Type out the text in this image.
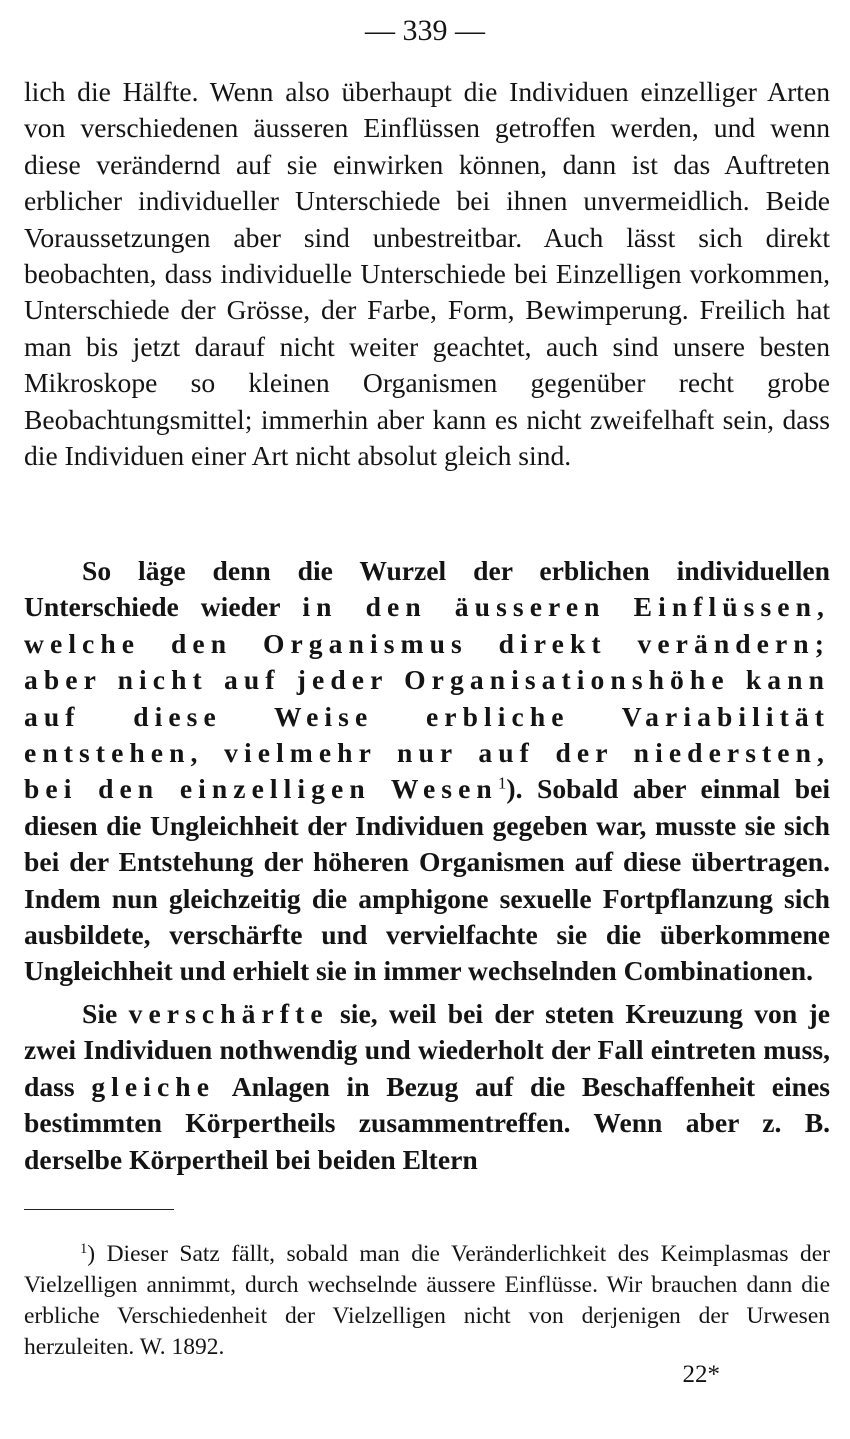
— 339 —
lich die Hälfte. Wenn also überhaupt die Individuen einzelliger Arten von verschiedenen äusseren Einflüssen getroffen werden, und wenn diese verändernd auf sie einwirken können, dann ist das Auftreten erblicher individueller Unterschiede bei ihnen unvermeidlich. Beide Voraussetzungen aber sind unbestreitbar. Auch lässt sich direkt beobachten, dass individuelle Unterschiede bei Einzelligen vorkommen, Unterschiede der Grösse, der Farbe, Form, Bewimperung. Freilich hat man bis jetzt darauf nicht weiter geachtet, auch sind unsere besten Mikroskope so kleinen Organismen gegenüber recht grobe Beobachtungsmittel; immerhin aber kann es nicht zweifelhaft sein, dass die Individuen einer Art nicht absolut gleich sind.
So läge denn die Wurzel der erblichen individuellen Unterschiede wieder in den äusseren Einflüssen, welche den Organismus direkt verändern; aber nicht auf jeder Organisationshöhe kann auf diese Weise erbliche Variabilität entstehen, vielmehr nur auf der niedersten, bei den einzelligen Wesen$^1$). Sobald aber einmal bei diesen die Ungleichheit der Individuen gegeben war, musste sie sich bei der Entstehung der höheren Organismen auf diese übertragen. Indem nun gleichzeitig die amphigone sexuelle Fortpflanzung sich ausbildete, verschärfte und vervielfachte sie die überkommene Ungleichheit und erhielt sie in immer wechselnden Combinationen.
Sie verschärfte sie, weil bei der steten Kreuzung von je zwei Individuen nothwendig und wiederholt der Fall eintreten muss, dass gleiche Anlagen in Bezug auf die Beschaffenheit eines bestimmten Körpertheils zusammentreffen. Wenn aber z. B. derselbe Körpertheil bei beiden Eltern
$^1$) Dieser Satz fällt, sobald man die Veränderlichkeit des Keimplasmas der Vielzelligen annimmt, durch wechselnde äussere Einflüsse. Wir brauchen dann die erbliche Verschiedenheit der Vielzelligen nicht von derjenigen der Urwesen herzuleiten. W. 1892.
22*
